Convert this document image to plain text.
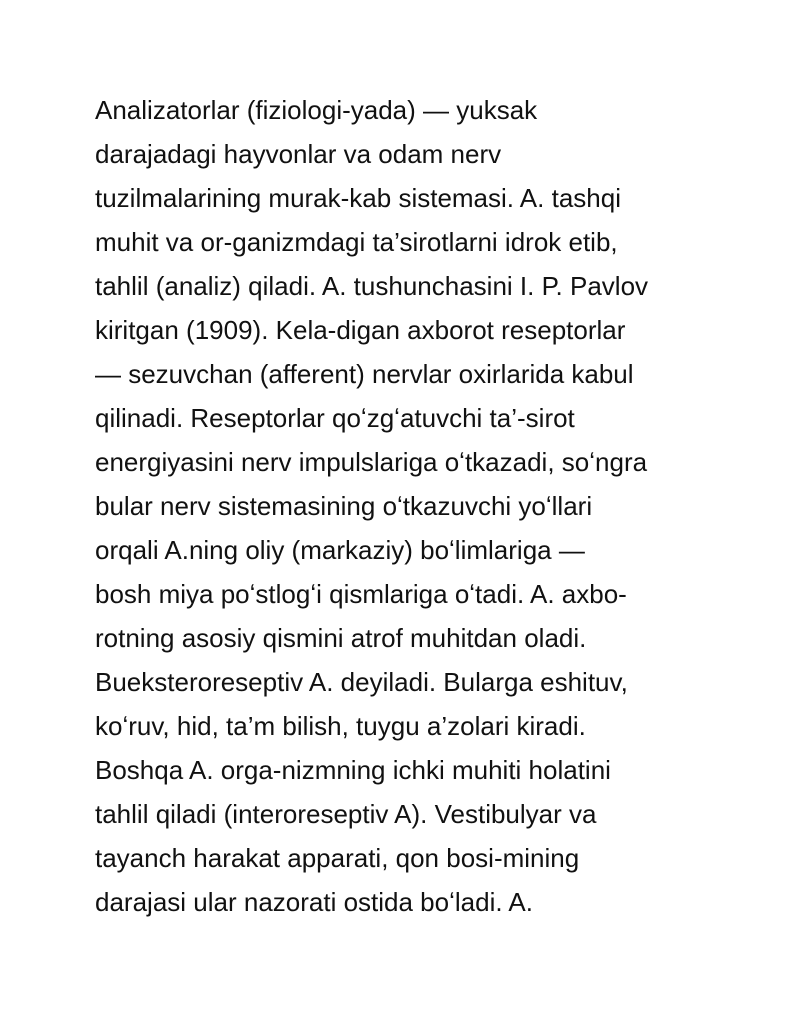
Analizatorlar (fiziologi-yada) — yuksak
darajadagi hayvonlar va odam nerv
tuzilmalarining murak-kab sistemasi. A. tashqi
muhit va or-ganizmdagi ta’sirotlarni idrok etib,
tahlil (analiz) qiladi. A. tushunchasini I. P. Pavlov
kiritgan (1909). Kela-digan axborot reseptorlar
— sezuvchan (afferent) nervlar oxirlarida kabul
qilinadi. Reseptorlar qoʻzgʻatuvchi ta’-sirot
energiyasini nerv impulslariga oʻtkazadi, soʻngra
bular nerv sistemasining oʻtkazuvchi yoʻllari
orqali A.ning oliy (markaziy) boʻlimlariga —
bosh miya poʻstlogʻi qismlariga oʻtadi. A. axbo-
rotning asosiy qismini atrof muhitdan oladi.
Bueksteroreseptiv A. deyiladi. Bularga eshituv,
koʻruv, hid, ta’m bilish, tuygu a’zolari kiradi.
Boshqa A. orga-nizmning ichki muhiti holatini
tahlil qiladi (interoreseptiv A). Vestibulyar va
tayanch harakat apparati, qon bosi-mining
darajasi ular nazorati ostida boʻladi. A.
